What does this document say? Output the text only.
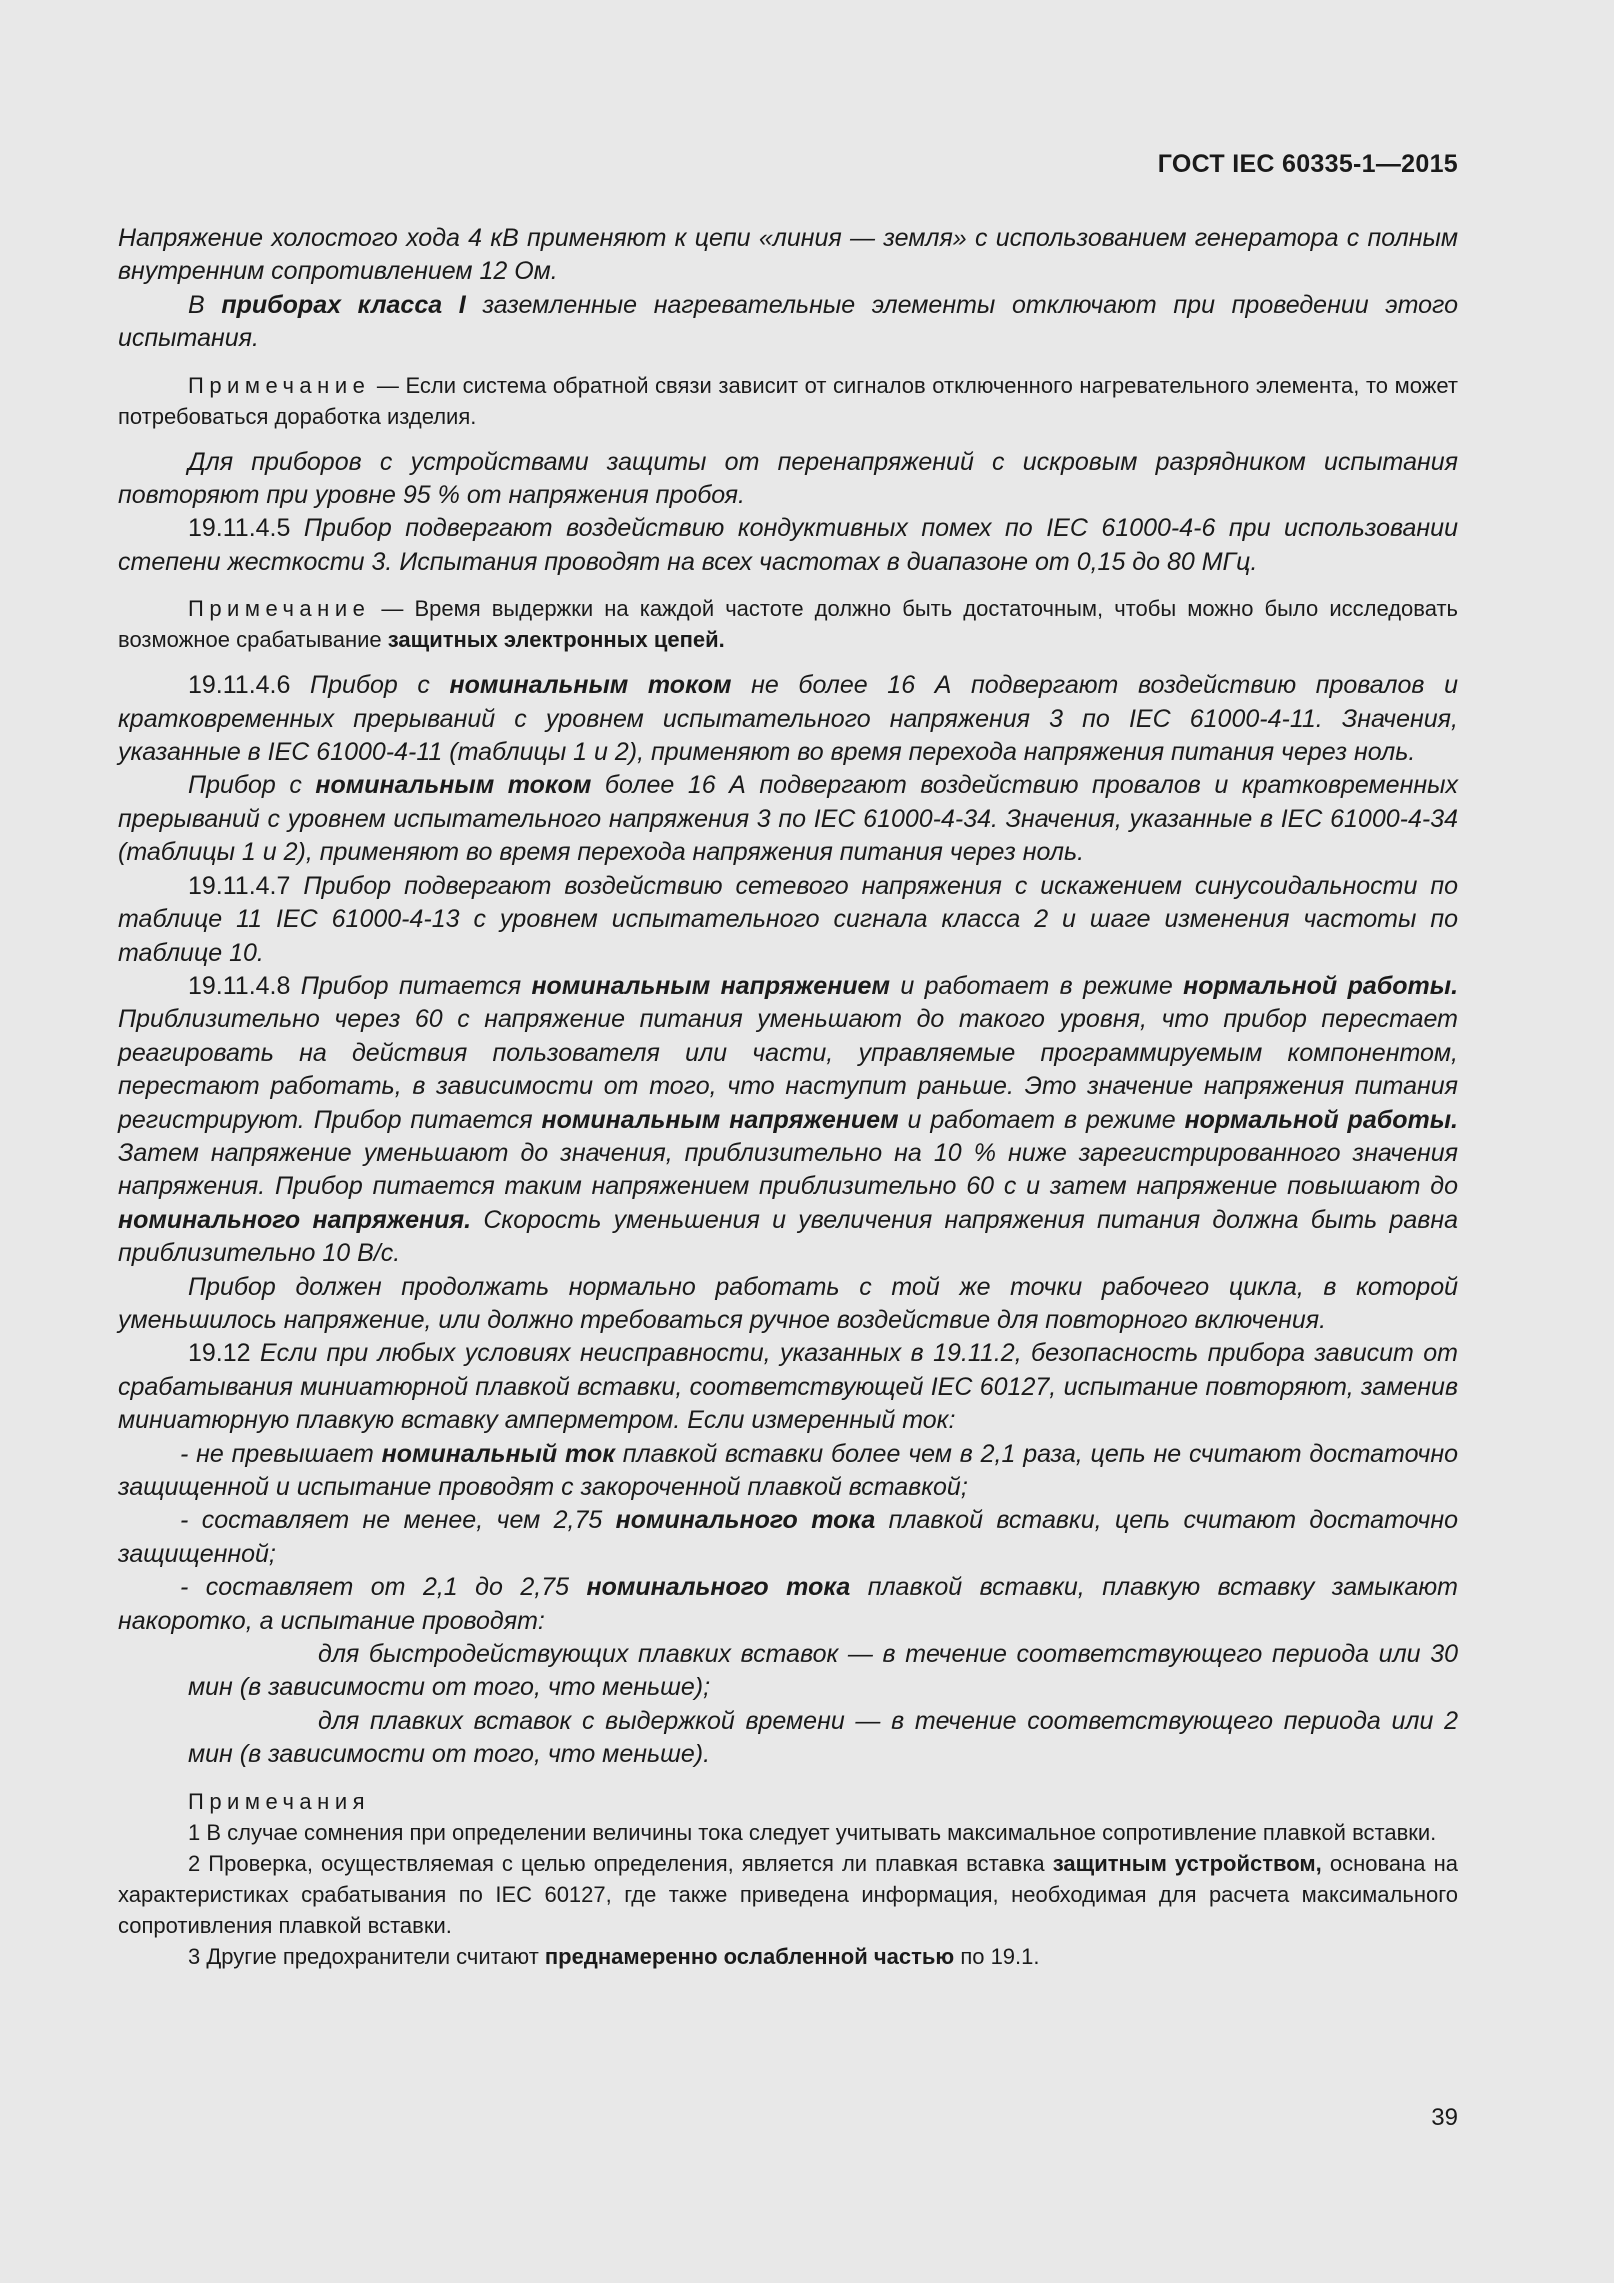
ГОСТ IEC 60335-1—2015

Напряжение холостого хода 4 кВ применяют к цепи «линия — земля» с использованием генератора с полным внутренним сопротивлением 12 Ом.

В приборах класса I заземленные нагревательные элементы отключают при проведении этого испытания.

Примечание — Если система обратной связи зависит от сигналов отключенного нагревательного элемента, то может потребоваться доработка изделия.

Для приборов с устройствами защиты от перенапряжений с искровым разрядником испытания повторяют при уровне 95 % от напряжения пробоя.

19.11.4.5 Прибор подвергают воздействию кондуктивных помех по IEC 61000-4-6 при использовании степени жесткости 3. Испытания проводят на всех частотах в диапазоне от 0,15 до 80 МГц.

Примечание — Время выдержки на каждой частоте должно быть достаточным, чтобы можно было исследовать возможное срабатывание защитных электронных цепей.

19.11.4.6 Прибор с номинальным током не более 16 А подвергают воздействию провалов и кратковременных прерываний с уровнем испытательного напряжения 3 по IEC 61000-4-11. Значения, указанные в IEC 61000-4-11 (таблицы 1 и 2), применяют во время перехода напряжения питания через ноль.

Прибор с номинальным током более 16 А подвергают воздействию провалов и кратковременных прерываний с уровнем испытательного напряжения 3 по IEC 61000-4-34. Значения, указанные в IEC 61000-4-34 (таблицы 1 и 2), применяют во время перехода напряжения питания через ноль.

19.11.4.7 Прибор подвергают воздействию сетевого напряжения с искажением синусоидальности по таблице 11 IEC 61000-4-13 с уровнем испытательного сигнала класса 2 и шаге изменения частоты по таблице 10.

19.11.4.8 Прибор питается номинальным напряжением и работает в режиме нормальной работы. Приблизительно через 60 с напряжение питания уменьшают до такого уровня, что прибор перестает реагировать на действия пользователя или части, управляемые программируемым компонентом, перестают работать, в зависимости от того, что наступит раньше. Это значение напряжения питания регистрируют. Прибор питается номинальным напряжением и работает в режиме нормальной работы. Затем напряжение уменьшают до значения, приблизительно на 10 % ниже зарегистрированного значения напряжения. Прибор питается таким напряжением приблизительно 60 с и затем напряжение повышают до номинального напряжения. Скорость уменьшения и увеличения напряжения питания должна быть равна приблизительно 10 В/с.

Прибор должен продолжать нормально работать с той же точки рабочего цикла, в которой уменьшилось напряжение, или должно требоваться ручное воздействие для повторного включения.

19.12 Если при любых условиях неисправности, указанных в 19.11.2, безопасность прибора зависит от срабатывания миниатюрной плавкой вставки, соответствующей IEC 60127, испытание повторяют, заменив миниатюрную плавкую вставку амперметром. Если измеренный ток:

- не превышает номинальный ток плавкой вставки более чем в 2,1 раза, цепь не считают достаточно защищенной и испытание проводят с закороченной плавкой вставкой;

- составляет не менее, чем 2,75 номинального тока плавкой вставки, цепь считают достаточно защищенной;

- составляет от 2,1 до 2,75 номинального тока плавкой вставки, плавкую вставку замыкают накоротко, а испытание проводят:

для быстродействующих плавких вставок — в течение соответствующего периода или 30 мин (в зависимости от того, что меньше);

для плавких вставок с выдержкой времени — в течение соответствующего периода или 2 мин (в зависимости от того, что меньше).

Примечания

1 В случае сомнения при определении величины тока следует учитывать максимальное сопротивление плавкой вставки.

2 Проверка, осуществляемая с целью определения, является ли плавкая вставка защитным устройством, основана на характеристиках срабатывания по IEC 60127, где также приведена информация, необходимая для расчета максимального сопротивления плавкой вставки.

3 Другие предохранители считают преднамеренно ослабленной частью по 19.1.

39
